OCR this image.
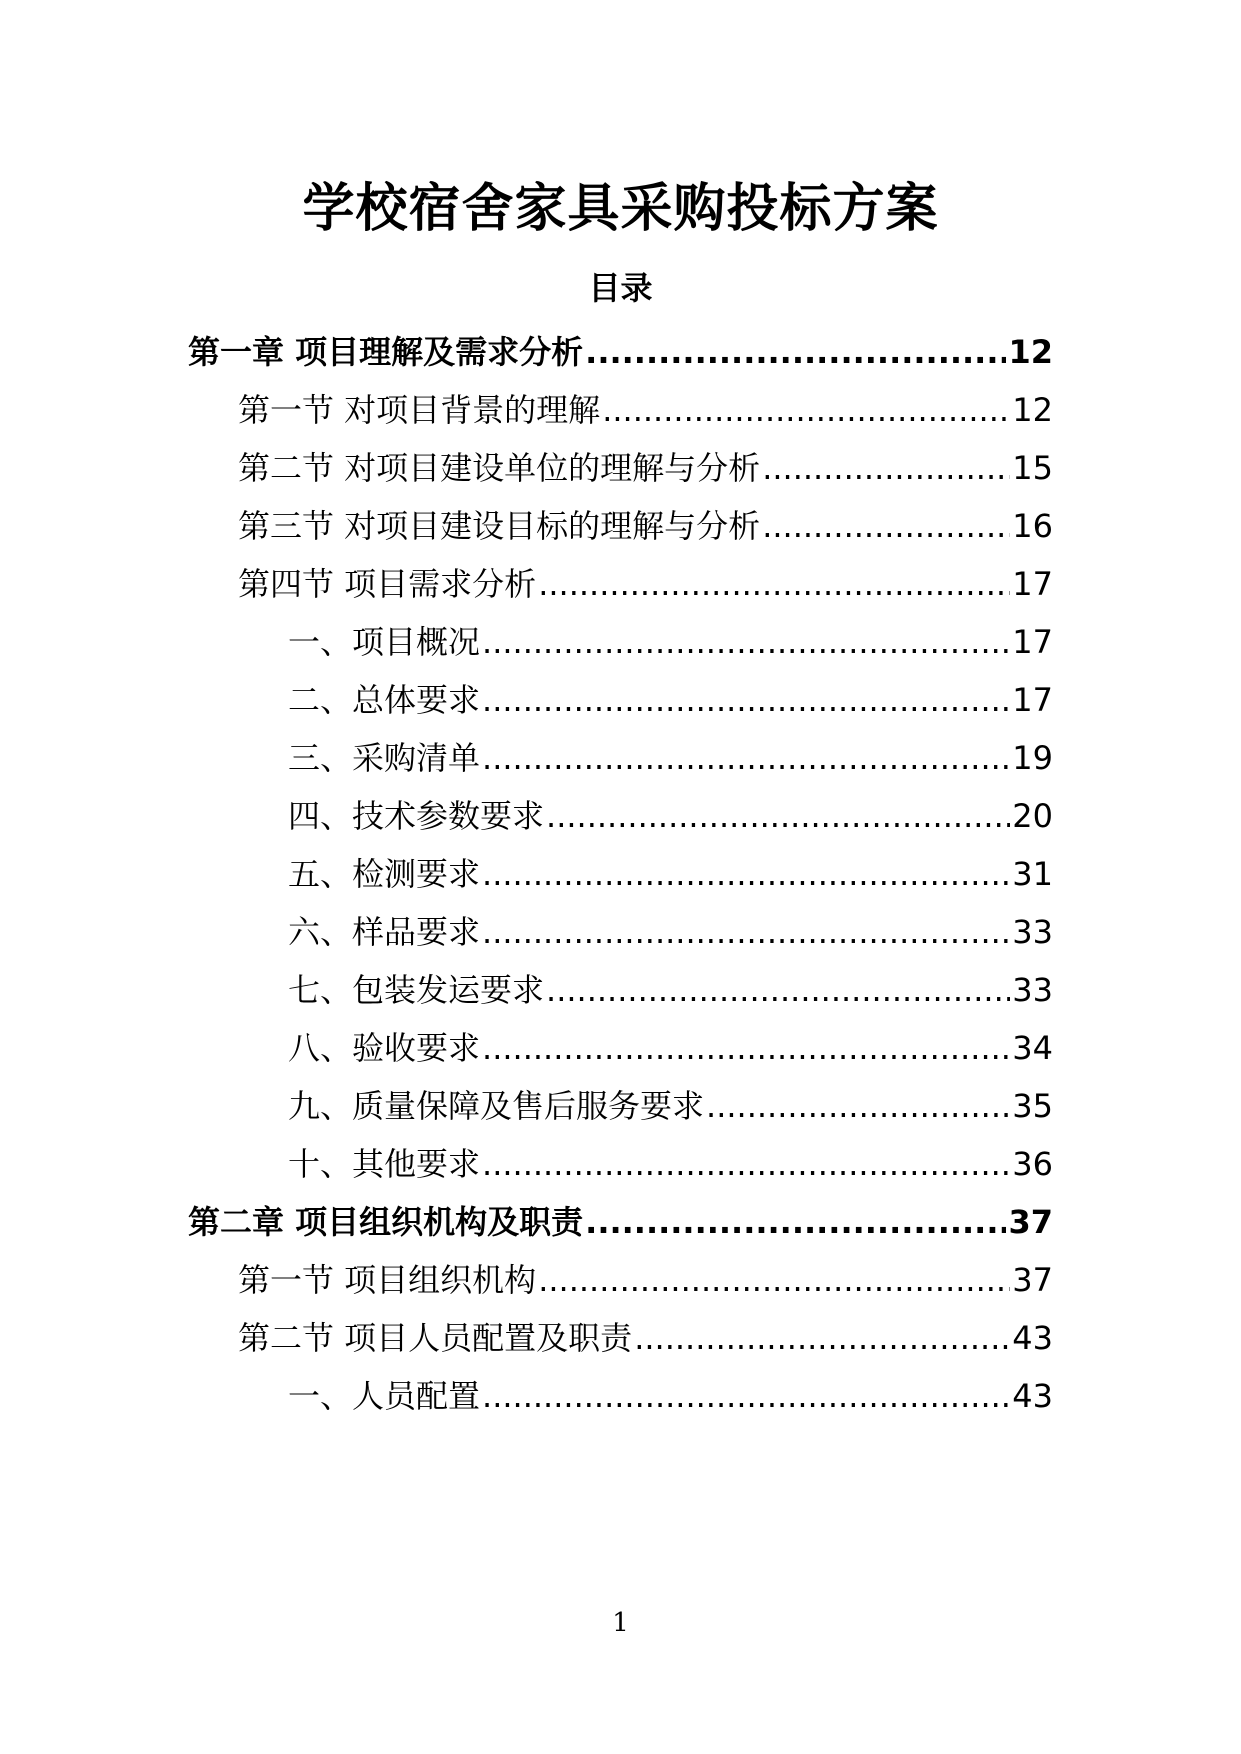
学校宿舍家具采购投标方案
目录
第一章 项目理解及需求分析 .....	12
第一节 对项目背景的理解 .....	12
第二节 对项目建设单位的理解与分析 .....	15
第三节 对项目建设目标的理解与分析 .....	16
第四节 项目需求分析 .....	17
一、项目概况 .....	17
二、总体要求 .....	17
三、采购清单 .....	19
四、技术参数要求 .....	20
五、检测要求 .....	31
六、样品要求 .....	33
七、包装发运要求 .....	33
八、验收要求 .....	34
九、质量保障及售后服务要求 .....	35
十、其他要求 .....	36
第二章 项目组织机构及职责 .....	37
第一节 项目组织机构 .....	37
第二节 项目人员配置及职责 .....	43
一、人员配置 .....	43
1
